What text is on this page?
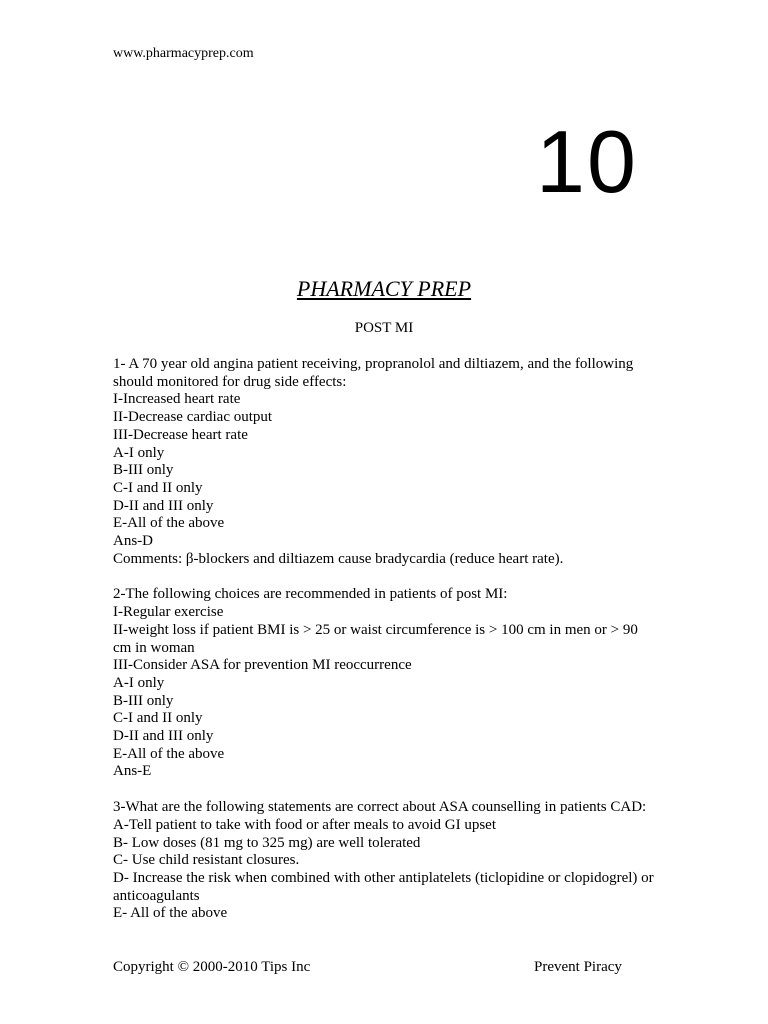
www.pharmacyprep.com
10
PHARMACY PREP
POST MI

1- A 70 year old angina patient receiving, propranolol and diltiazem, and the following should monitored for drug side effects:

I-Increased heart rate

II-Decrease cardiac output

III-Decrease heart rate

A-I only

B-III only

C-I and II only

D-II and III only

E-All of the above

Ans-D

Comments: β-blockers and diltiazem cause bradycardia (reduce heart rate).

2-The following choices are recommended in patients of post MI:

I-Regular exercise

II-weight loss if patient BMI is > 25 or waist circumference is > 100 cm in men or > 90 cm in woman

III-Consider ASA for prevention MI reoccurrence

A-I only

B-III only

C-I and II only

D-II and III only

E-All of the above

Ans-E

3-What are the following statements are correct about ASA counselling in patients CAD:

A-Tell patient to take with food or after meals to avoid GI upset

B- Low doses (81 mg to 325 mg) are well tolerated

C- Use child resistant closures.

D- Increase the risk when combined with other antiplatelets (ticlopidine or clopidogrel) or anticoagulants

E- All of the above

Copyright © 2000-2010 Tips Inc	Prevent Piracy
